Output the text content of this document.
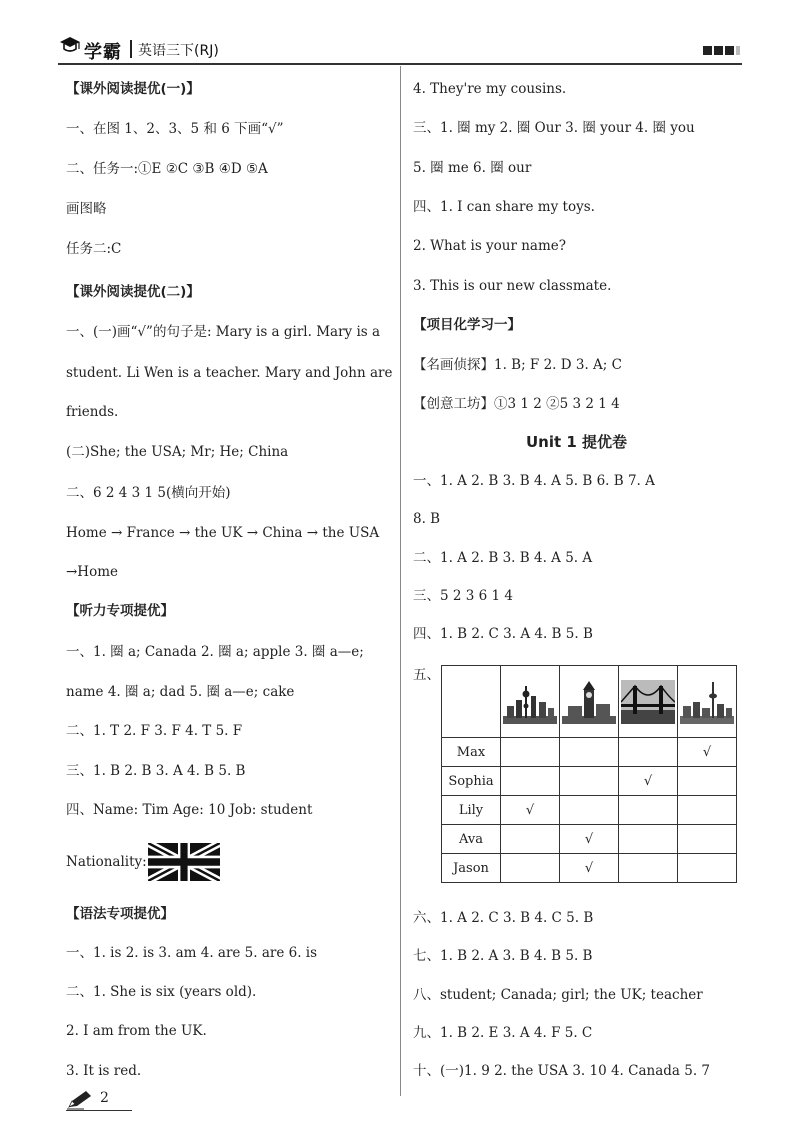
学霸 英语三下(RJ)
【课外阅读提优(一)】
一、在图 1、2、3、5 和 6 下画“√”
二、任务一:①E ②C ③B ④D ⑤A
画图略
任务二:C
【课外阅读提优(二)】
一、(一)画“√”的句子是: Mary is a girl. Mary is a
student. Li Wen is a teacher. Mary and John are
friends.
(二)She; the USA; Mr; He; China
二、6 2 4 3 1 5(横向开始)
Home → France → the UK → China → the USA
→Home
【听力专项提优】
一、1. 圈 a; Canada 2. 圈 a; apple 3. 圈 a—e;
name 4. 圈 a; dad 5. 圈 a—e; cake
二、1. T 2. F 3. F 4. T 5. F
三、1. B 2. B 3. A 4. B 5. B
四、Name: Tim Age: 10 Job: student
Nationality:
【语法专项提优】
一、1. is 2. is 3. am 4. are 5. are 6. is
二、1. She is six (years old).
2. I am from the UK.
3. It is red.
4. They're my cousins.
三、1. 圈 my 2. 圈 Our 3. 圈 your 4. 圈 you
5. 圈 me 6. 圈 our
四、1. I can share my toys.
2. What is your name?
3. This is our new classmate.
【项目化学习一】
【名画侦探】1. B; F 2. D 3. A; C
【创意工坊】①3 1 2 ②5 3 2 1 4
Unit 1 提优卷
一、1. A 2. B 3. B 4. A 5. B 6. B 7. A
8. B
二、1. A 2. B 3. B 4. A 5. A
三、5 2 3 6 1 4
四、1. B 2. C 3. A 4. B 5. B
五、

Max				√
Sophia			√	
Lily	√			
Ava		√		
Jason		√		
六、1. A 2. C 3. B 4. C 5. B
七、1. B 2. A 3. B 4. B 5. B
八、student; Canada; girl; the UK; teacher
九、1. B 2. E 3. A 4. F 5. C
十、(一)1. 9 2. the USA 3. 10 4. Canada 5. 7
2
